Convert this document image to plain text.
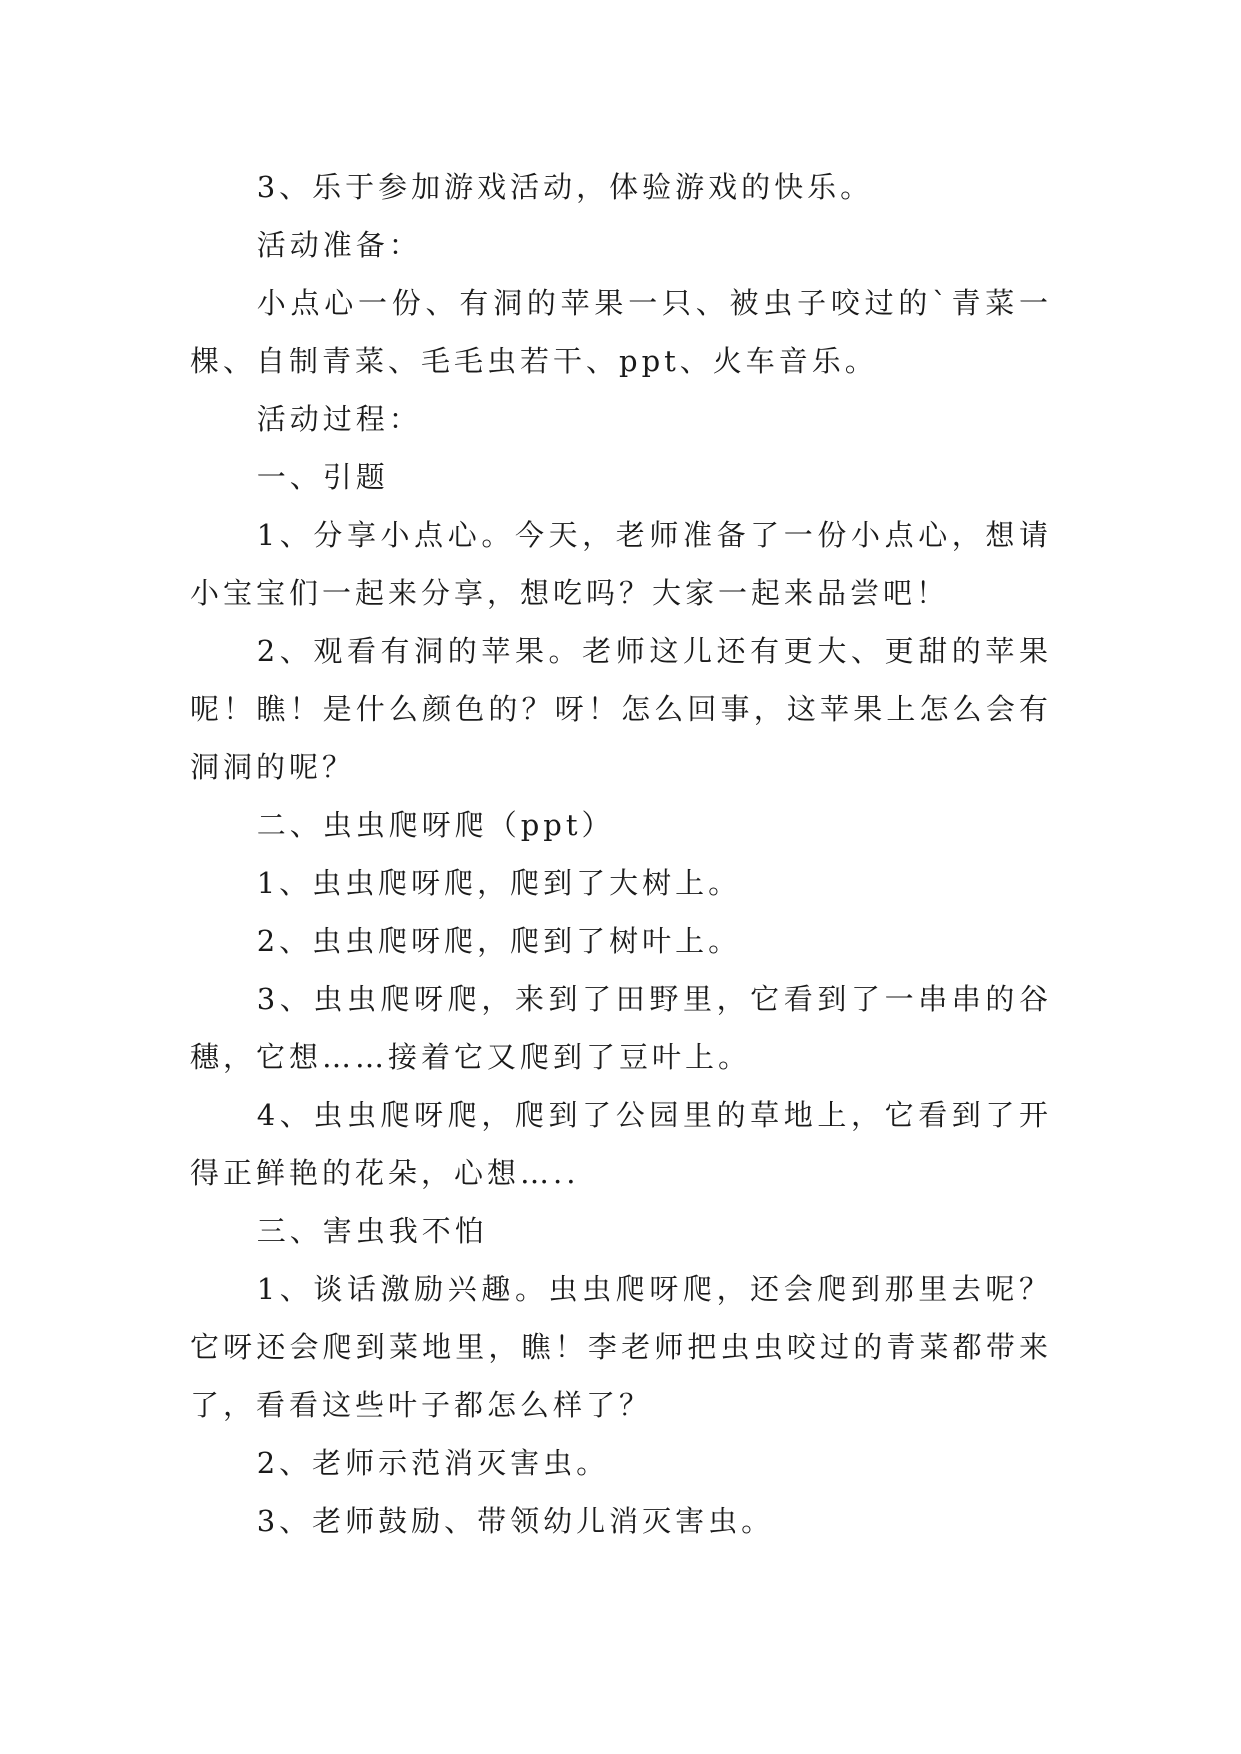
3、乐于参加游戏活动，体验游戏的快乐。

活动准备：

小点心一份、有洞的苹果一只、被虫子咬过的`青菜一棵、自制青菜、毛毛虫若干、ppt、火车音乐。

活动过程：

一、引题

1、分享小点心。今天，老师准备了一份小点心，想请小宝宝们一起来分享，想吃吗？大家一起来品尝吧！

2、观看有洞的苹果。老师这儿还有更大、更甜的苹果呢！瞧！是什么颜色的？呀！怎么回事，这苹果上怎么会有洞洞的呢？

二、虫虫爬呀爬（ppt）

1、虫虫爬呀爬，爬到了大树上。

2、虫虫爬呀爬，爬到了树叶上。

3、虫虫爬呀爬，来到了田野里，它看到了一串串的谷穗，它想……接着它又爬到了豆叶上。

4、虫虫爬呀爬，爬到了公园里的草地上，它看到了开得正鲜艳的花朵，心想…..

三、害虫我不怕

1、谈话激励兴趣。虫虫爬呀爬，还会爬到那里去呢？它呀还会爬到菜地里，瞧！李老师把虫虫咬过的青菜都带来了，看看这些叶子都怎么样了？

2、老师示范消灭害虫。

3、老师鼓励、带领幼儿消灭害虫。
